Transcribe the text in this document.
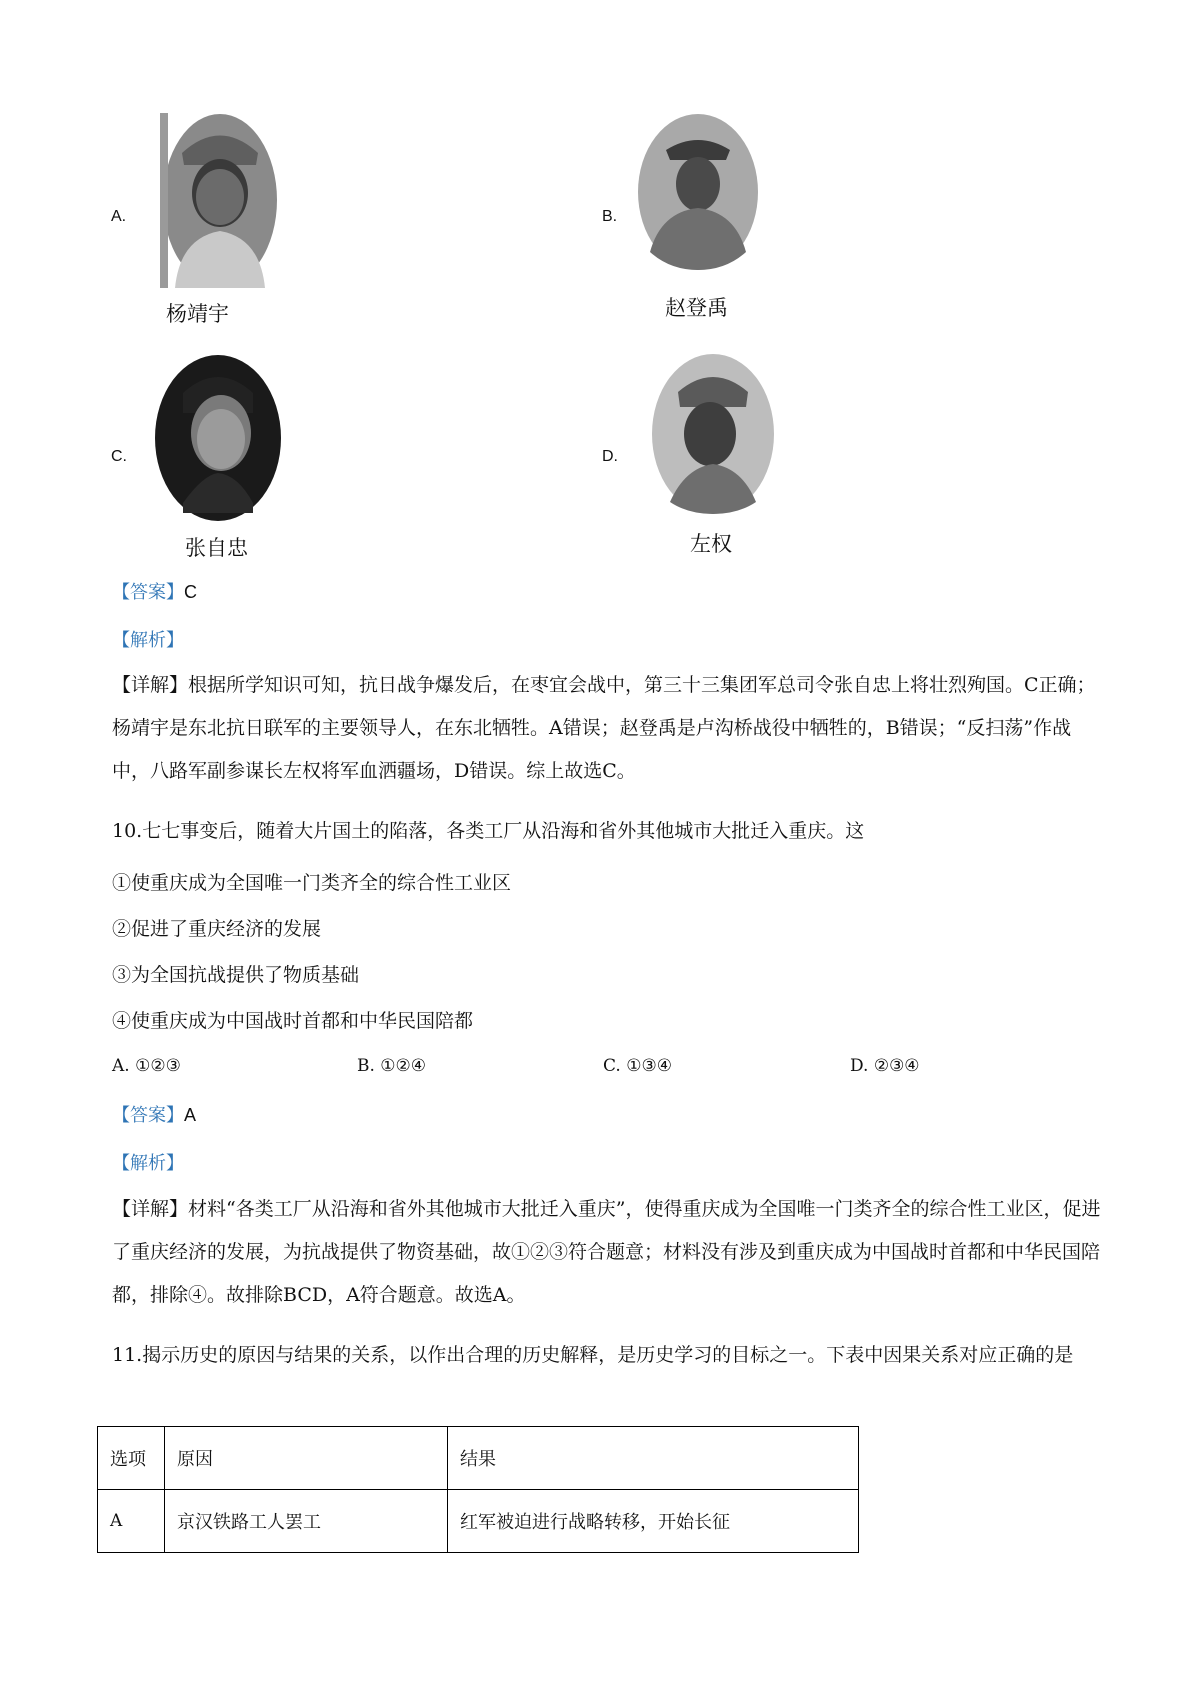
A.
杨靖宇
B.
赵登禹
C.
张自忠
D.
左权
【答案】C
【解析】
【详解】根据所学知识可知，抗日战争爆发后，在枣宜会战中，第三十三集团军总司令张自忠上将壮烈殉国。C正确；杨靖宇是东北抗日联军的主要领导人，在东北牺牲。A错误；赵登禹是卢沟桥战役中牺牲的，B错误；“反扫荡”作战中，八路军副参谋长左权将军血洒疆场，D错误。综上故选C。
10.七七事变后，随着大片国土的陷落，各类工厂从沿海和省外其他城市大批迁入重庆。这
①使重庆成为全国唯一门类齐全的综合性工业区
②促进了重庆经济的发展
③为全国抗战提供了物质基础
④使重庆成为中国战时首都和中华民国陪都
A. ①②③	B. ①②④	C. ①③④	D. ②③④
【答案】A
【解析】
【详解】材料“各类工厂从沿海和省外其他城市大批迁入重庆”，使得重庆成为全国唯一门类齐全的综合性工业区，促进了重庆经济的发展，为抗战提供了物资基础，故①②③符合题意；材料没有涉及到重庆成为中国战时首都和中华民国陪都，排除④。故排除BCD，A符合题意。故选A。
11.揭示历史的原因与结果的关系，以作出合理的历史解释，是历史学习的目标之一。下表中因果关系对应正确的是
选项	原因	结果
A	京汉铁路工人罢工	红军被迫进行战略转移，开始长征
